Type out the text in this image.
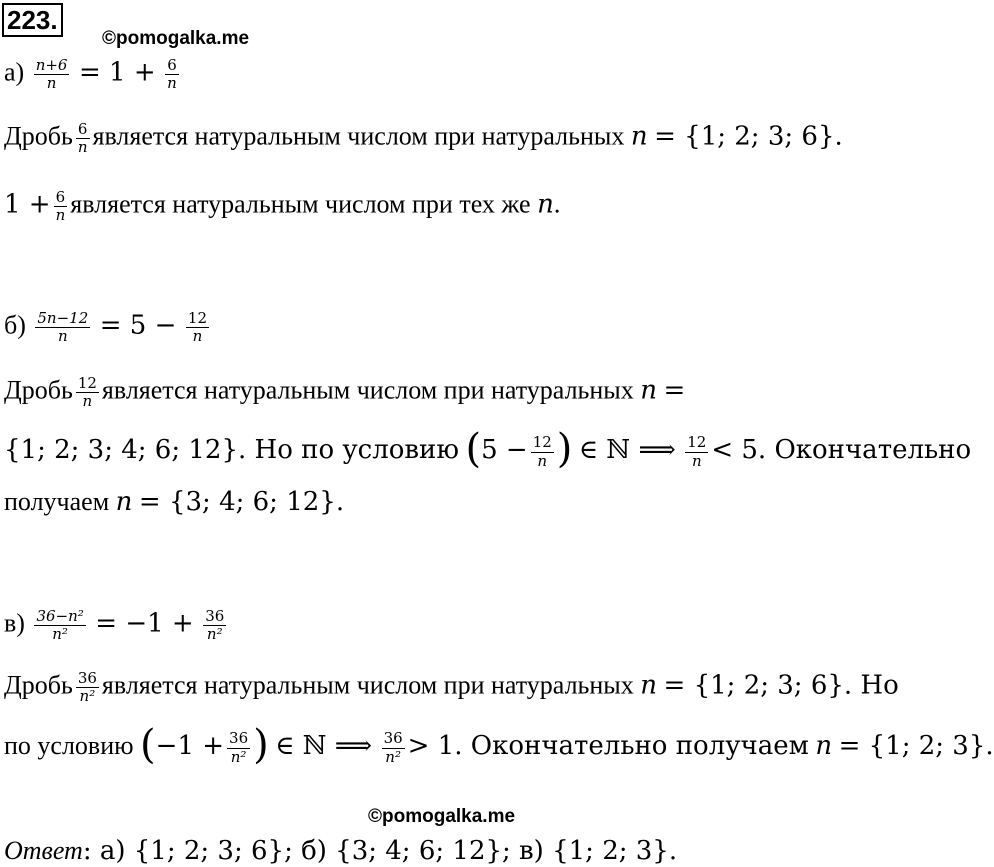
223.
©pomogalka.me
$а) \frac{n+6}{n} = 1 + \frac{6}{n}$
Дробь $\frac{6}{n}$ является натуральным числом при натуральных n = {1; 2; 3; 6}.
$1 + \frac{6}{n}$ является натуральным числом при тех же n.
$б) \frac{5n-12}{n} = 5 - \frac{12}{n}$
Дробь $\frac{12}{n}$ является натуральным числом при натуральных n =
{1; 2; 3; 4; 6; 12}. Но по условию ($5 - \frac{12}{n}$ ) ∈ ℕ ⟹ $\frac{12}{n} < 5$. Окончательно
получаем n = {3; 4; 6; 12}.
$в) \frac{\text{36−n²}}{\text{n²}} = -1 + \frac{36}{\text{n²}}$
Дробь $\frac{36}{\text{n²}}$ является натуральным числом при натуральных n = {1; 2; 3; 6}. Но
по условию ($-1 + \frac{36}{\text{n²}}$ ) ∈ ℕ ⟹ $\frac{36}{\text{n²}} > 1$. Окончательно получаем n = {1; 2; 3}.
©pomogalka.me
Ответ: а) {1; 2; 3; 6}; б) {3; 4; 6; 12}; в) {1; 2; 3}.
